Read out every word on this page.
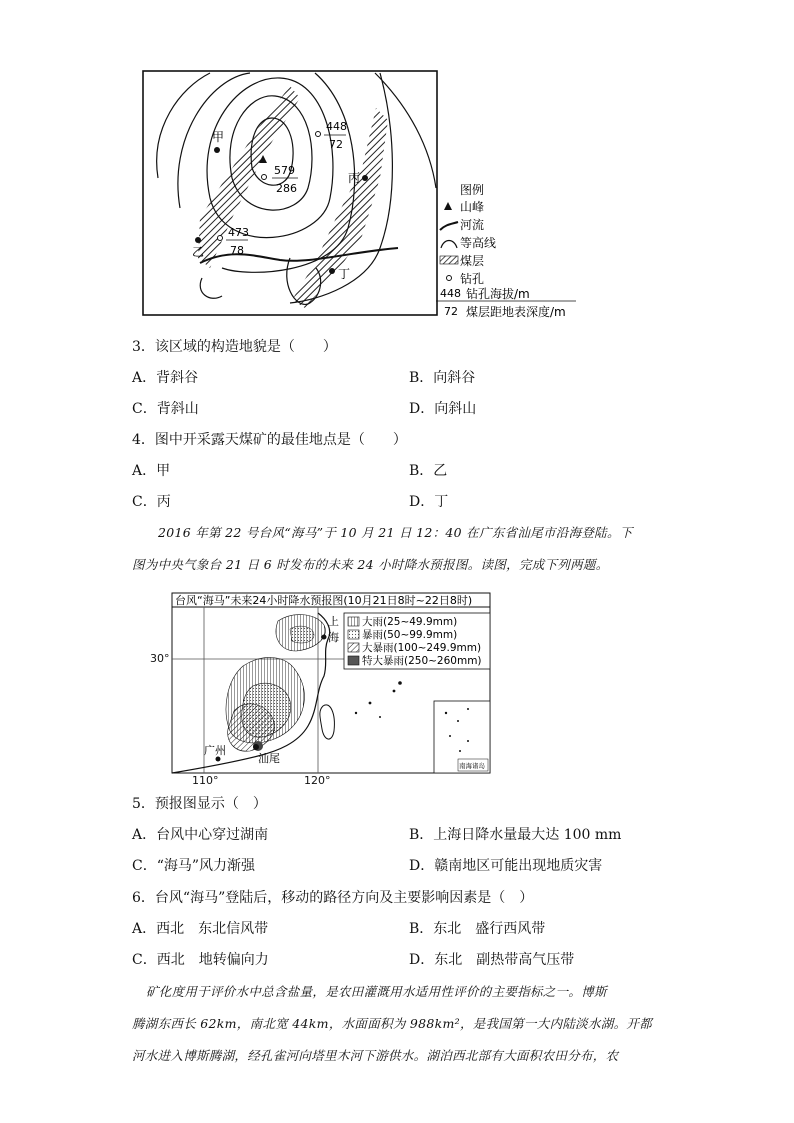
甲
乙
丙
丁
448
72
579
286
473
78
图例
山峰
河流
等高线
煤层
钻孔
448 钻孔海拔/m
72 煤层距地表深度/m
3．该区域的构造地貌是（　　）
A．背斜谷	B．向斜谷
C．背斜山	D．向斜山
4．图中开采露天煤矿的最佳地点是（　　）
A．甲	B．乙
C．丙	D．丁

2016 年第 22 号台风“海马”于 10 月 21 日 12：40 在广东省汕尾市沿海登陆。下

图为中央气象台 21 日 6 时发布的未来 24 小时降水预报图。读图，完成下列两题。

台风“海马”未来24小时降水预报图(10月21日8时~22日8时)
广州
汕尾
上
海
大雨(25~49.9mm)
暴雨(50~99.9mm)
大暴雨(100~249.9mm)
特大暴雨(250~260mm)
南海诸岛
30°
110°	120°
5．预报图显示（　）
A．台风中心穿过湖南	B．上海日降水量最大达 100 mm
C．“海马”风力渐强	D．赣南地区可能出现地质灾害
6．台风“海马”登陆后，移动的路径方向及主要影响因素是（　）
A．西北　东北信风带	B．东北　盛行西风带
C．西北　地转偏向力	D．东北　副热带高气压带

矿化度用于评价水中总含盐量，是农田灌溉用水适用性评价的主要指标之一。博斯

腾湖东西长 62km，南北宽 44km，水面面积为 988km²，是我国第一大内陆淡水湖。开都

河水进入博斯腾湖，经孔雀河向塔里木河下游供水。湖泊西北部有大面积农田分布，农
